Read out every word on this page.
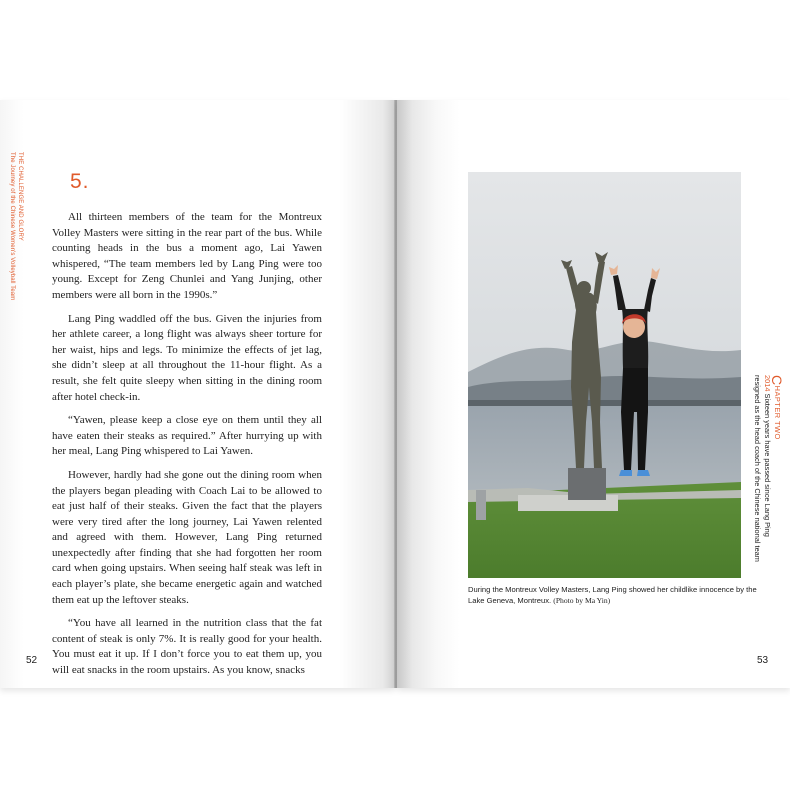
THE CHALLENGE AND GLORY
The Journey of the Chinese Women's Volleyball Team	5.

All thirteen members of the team for the Montreux Volley Masters were sitting in the rear part of the bus. While counting heads in the bus a moment ago, Lai Yawen whispered, “The team members led by Lang Ping were too young. Except for Zeng Chunlei and Yang Junjing, other members were all born in the 1990s.”

Lang Ping waddled off the bus. Given the injuries from her athlete career, a long flight was always sheer torture for her waist, hips and legs. To minimize the effects of jet lag, she didn’t sleep at all throughout the 11-hour flight. As a result, she felt quite sleepy when sitting in the dining room after hotel check-in.

“Yawen, please keep a close eye on them until they all have eaten their steaks as required.” After hurrying up with her meal, Lang Ping whispered to Lai Yawen.

However, hardly had she gone out the dining room when the players began pleading with Coach Lai to be allowed to eat just half of their steaks. Given the fact that the players were very tired after the long journey, Lai Yawen relented and agreed with them. However, Lang Ping returned unexpectedly after finding that she had forgotten her room card when going upstairs. When seeing half steak was left in each player’s plate, she became energetic again and watched them eat up the leftover steaks.

“You have all learned in the nutrition class that the fat content of steak is only 7%. It is really good for your health. You must eat it up. If I don’t force you to eat them up, you will eat snacks in the room upstairs. As you know, snacks

52	53
During the Montreux Volley Masters, Lang Ping showed her childlike innocence by the Lake Geneva, Montreux. (Photo by Ma Yin)
CHAPTER TWO
2014 Sixteen years have passed since Lang Ping
resigned as the head coach of the Chinese national team
